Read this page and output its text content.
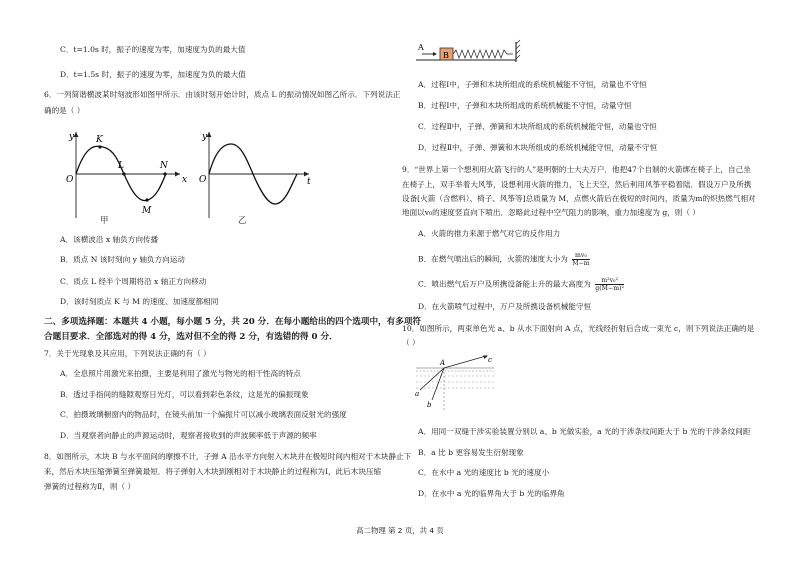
C．t=1.0s 时，振子的速度为零，加速度为负的最大值
D．t=1.5s 时，振子的速度为零，加速度为负的最大值
6．一列简谐横波某时刻波形如图甲所示．由该时刻开始计时，质点 L 的振动情况如图乙所示．下列说法正
确的是（ ）
y
O	x
K
L
M
N
甲
y
O	t
乙
A．该横波沿 x 轴负方向传播
B．质点 N 该时刻向 y 轴负方向运动
C．质点 L 经半个周期将沿 x 轴正方向移动
D．该时刻质点 K 与 M 的速度、加速度都相同
二、多项选择题：本题共 4 小题，每小题 5 分，共 20 分．在每小题给出的四个选项中，有多项符
合题目要求．全部选对的得 4 分，选对但不全的得 2 分，有选错的得 0 分．
7．关于光现象及其应用，下列说法正确的有（ ）
A．全息照片用激光来拍摄，主要是利用了激光与物光的相干性高的特点
B．透过手指间的缝隙观察日光灯，可以看到彩色条纹，这是光的偏振现象
C．拍摄玻璃橱窗内的物品时，在镜头前加一个偏振片可以减小玻璃表面反射光的强度
D．当观察者向静止的声源运动时，观察者接收到的声波频率低于声源的频率
8．如图所示，木块 B 与水平面间的摩擦不计，子弹 A 沿水平方向射入木块并在极短时间内相对于木块静止下
来，然后木块压缩弹簧至弹簧最短．将子弹射入木块到刚相对于木块静止的过程称为Ⅰ，此后木块压缩
弹簧的过程称为Ⅱ，则（ ）
A
B
A．过程Ⅰ中，子弹和木块所组成的系统机械能不守恒，动量也不守恒
B．过程Ⅰ中，子弹和木块所组成的系统机械能不守恒，动量守恒
C．过程Ⅱ中，子弹、弹簧和木块所组成的系统机械能守恒，动量也守恒
D．过程Ⅱ中，子弹、弹簧和木块所组成的系统机械能守恒，动量不守恒
9．“世界上第一个想利用火箭飞行的人”是明朝的士大夫万户．他把47个自制的火箭绑在椅子上，自己坐
在椅子上，双手举着大风筝，设想利用火箭的推力，飞上天空，然后利用风筝平稳着陆．假设万户及所携
设备[火箭（含燃料）、椅子、风筝等]总质量为 M，点燃火箭后在极短的时间内，质量为m的炽热燃气相对
地面以v₀的速度竖直向下喷出．忽略此过程中空气阻力的影响，重力加速度为 g，则（ ）
A．火箭的推力来源于燃气对它的反作用力
B．在燃气喷出后的瞬间，火箭的速度大小为 $\frac{\text{mv₀}}{M-m}$
C．喷出燃气后万户及所携设备能上升的最大高度为 $\frac{\text{m²v₀²}}{\text{g(M−m)²}}$
D．在火箭喷气过程中，万户及所携设备机械能守恒
10．如图所示，两束单色光 a、b 从水下面射向 A 点，光线经折射后合成一束光 c，则下列说法正确的是
（ ）
c
A
a
b
A．用同一双缝干涉实验装置分别以 a、b 光做实验，a 光的干涉条纹间距大于 b 光的干涉条纹间距
B．a 比 b 更容易发生衍射现象
C．在水中 a 光的速度比 b 光的速度小
D．在水中 a 光的临界角大于 b 光的临界角
高二物理 第 2 页，共 4 页
